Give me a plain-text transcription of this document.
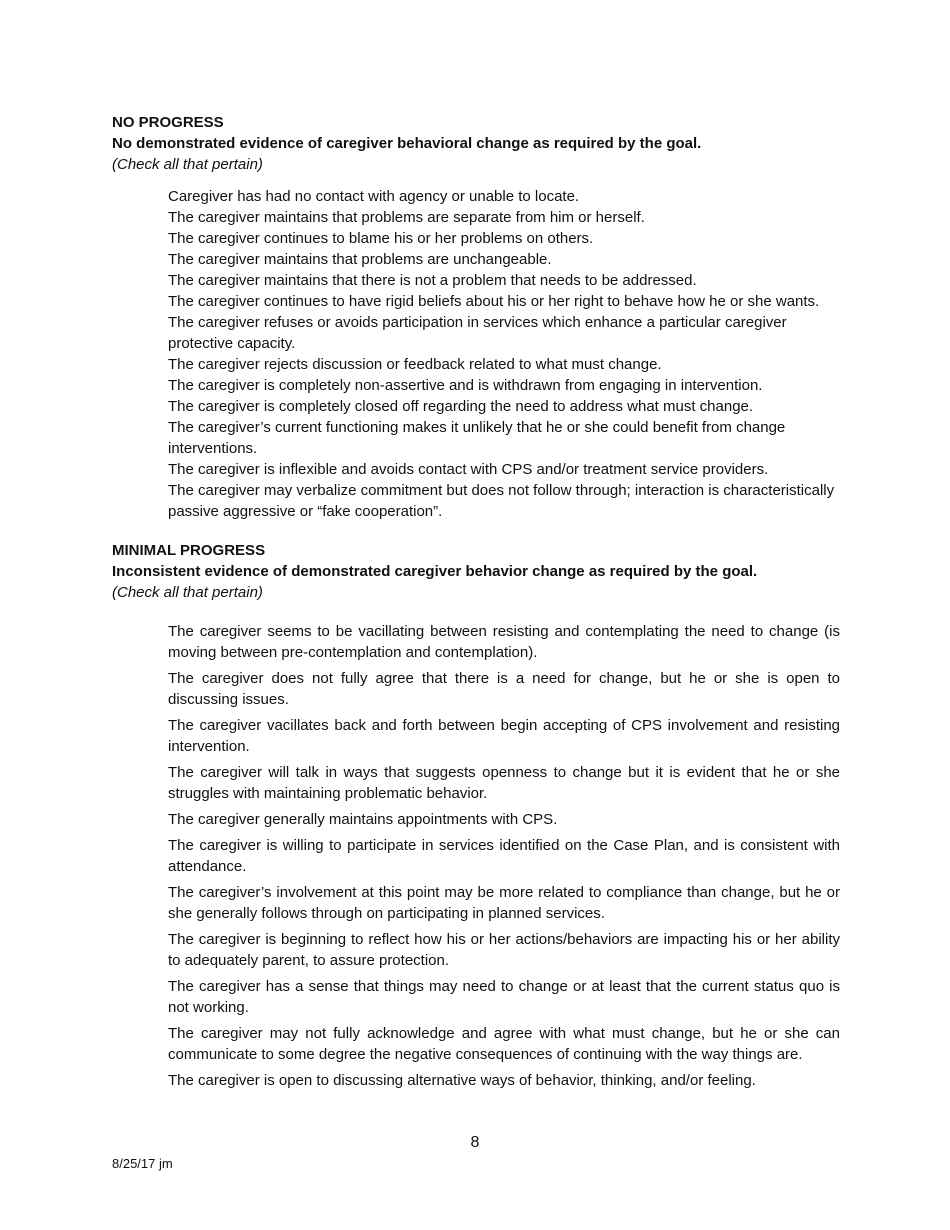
NO PROGRESS

No demonstrated evidence of caregiver behavioral change as required by the goal.

(Check all that pertain)

Caregiver has had no contact with agency or unable to locate.
The caregiver maintains that problems are separate from him or herself.
The caregiver continues to blame his or her problems on others.
The caregiver maintains that problems are unchangeable.
The caregiver maintains that there is not a problem that needs to be addressed.
The caregiver continues to have rigid beliefs about his or her right to behave how he or she wants.
The caregiver refuses or avoids participation in services which enhance a particular caregiver protective capacity.
The caregiver rejects discussion or feedback related to what must change.
The caregiver is completely non-assertive and is withdrawn from engaging in intervention.
The caregiver is completely closed off regarding the need to address what must change.
The caregiver’s current functioning makes it unlikely that he or she could benefit from change interventions.
The caregiver is inflexible and avoids contact with CPS and/or treatment service providers.
The caregiver may verbalize commitment but does not follow through; interaction is characteristically passive aggressive or “fake cooperation”.

MINIMAL PROGRESS

Inconsistent evidence of demonstrated caregiver behavior change as required by the goal.

(Check all that pertain)

The caregiver seems to be vacillating between resisting and contemplating the need to change (is moving between pre-contemplation and contemplation).
The caregiver does not fully agree that there is a need for change, but he or she is open to discussing issues.
The caregiver vacillates back and forth between begin accepting of CPS involvement and resisting intervention.
The caregiver will talk in ways that suggests openness to change but it is evident that he or she struggles with maintaining problematic behavior.
The caregiver generally maintains appointments with CPS.
The caregiver is willing to participate in services identified on the Case Plan, and is consistent with attendance.
The caregiver’s involvement at this point may be more related to compliance than change, but he or she generally follows through on participating in planned services.
The caregiver is beginning to reflect how his or her actions/behaviors are impacting his or her ability to adequately parent, to assure protection.
The caregiver has a sense that things may need to change or at least that the current status quo is not working.
The caregiver may not fully acknowledge and agree with what must change, but he or she can communicate to some degree the negative consequences of continuing with the way things are.
The caregiver is open to discussing alternative ways of behavior, thinking, and/or feeling.
8
8/25/17 jm
